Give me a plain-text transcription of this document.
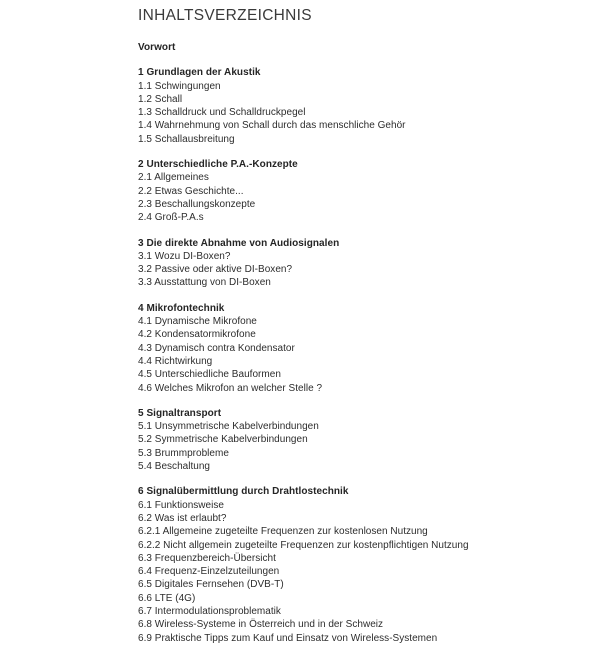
INHALTSVERZEICHNIS
Vorwort
1 Grundlagen der Akustik
1.1 Schwingungen
1.2 Schall
1.3 Schalldruck und Schalldruckpegel
1.4 Wahrnehmung von Schall durch das menschliche Gehör
1.5 Schallausbreitung
2 Unterschiedliche P.A.-Konzepte
2.1 Allgemeines
2.2 Etwas Geschichte...
2.3 Beschallungskonzepte
2.4 Groß-P.A.s
3 Die direkte Abnahme von Audiosignalen
3.1 Wozu DI-Boxen?
3.2 Passive oder aktive DI-Boxen?
3.3 Ausstattung von DI-Boxen
4 Mikrofontechnik
4.1 Dynamische Mikrofone
4.2 Kondensatormikrofone
4.3 Dynamisch contra Kondensator
4.4 Richtwirkung
4.5 Unterschiedliche Bauformen
4.6 Welches Mikrofon an welcher Stelle ?
5 Signaltransport
5.1 Unsymmetrische Kabelverbindungen
5.2 Symmetrische Kabelverbindungen
5.3 Brummprobleme
5.4 Beschaltung
6 Signalübermittlung durch Drahtlostechnik
6.1 Funktionsweise
6.2 Was ist erlaubt?
6.2.1 Allgemeine zugeteilte Frequenzen zur kostenlosen Nutzung
6.2.2 Nicht allgemein zugeteilte Frequenzen zur kostenpflichtigen Nutzung
6.3 Frequenzbereich-Übersicht
6.4 Frequenz-Einzelzuteilungen
6.5 Digitales Fernsehen (DVB-T)
6.6 LTE (4G)
6.7 Intermodulationsproblematik
6.8 Wireless-Systeme in Österreich und in der Schweiz
6.9 Praktische Tipps zum Kauf und Einsatz von Wireless-Systemen
